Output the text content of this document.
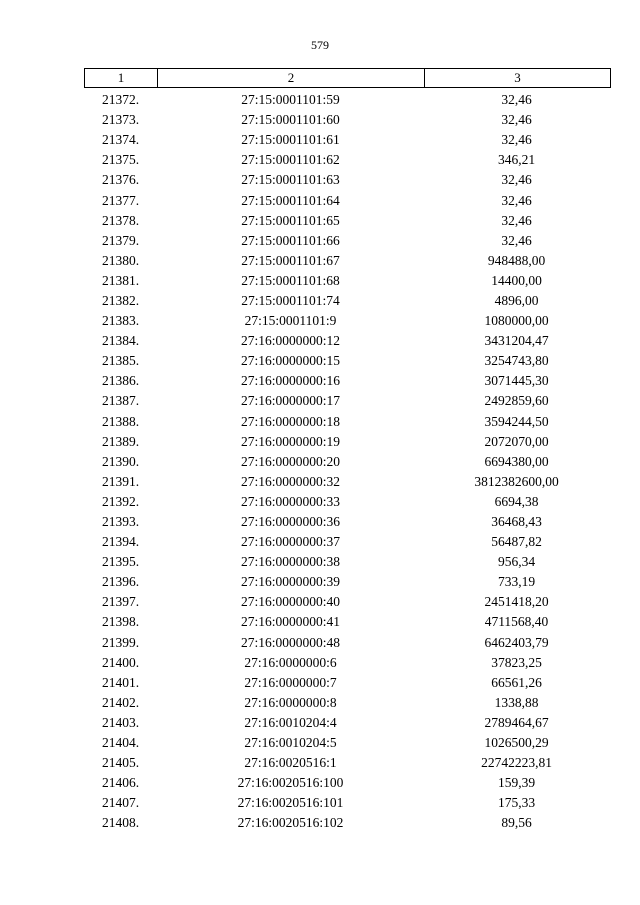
579
1	2	3
21372.	27:15:0001101:59	32,46
21373.	27:15:0001101:60	32,46
21374.	27:15:0001101:61	32,46
21375.	27:15:0001101:62	346,21
21376.	27:15:0001101:63	32,46
21377.	27:15:0001101:64	32,46
21378.	27:15:0001101:65	32,46
21379.	27:15:0001101:66	32,46
21380.	27:15:0001101:67	948488,00
21381.	27:15:0001101:68	14400,00
21382.	27:15:0001101:74	4896,00
21383.	27:15:0001101:9	1080000,00
21384.	27:16:0000000:12	3431204,47
21385.	27:16:0000000:15	3254743,80
21386.	27:16:0000000:16	3071445,30
21387.	27:16:0000000:17	2492859,60
21388.	27:16:0000000:18	3594244,50
21389.	27:16:0000000:19	2072070,00
21390.	27:16:0000000:20	6694380,00
21391.	27:16:0000000:32	3812382600,00
21392.	27:16:0000000:33	6694,38
21393.	27:16:0000000:36	36468,43
21394.	27:16:0000000:37	56487,82
21395.	27:16:0000000:38	956,34
21396.	27:16:0000000:39	733,19
21397.	27:16:0000000:40	2451418,20
21398.	27:16:0000000:41	4711568,40
21399.	27:16:0000000:48	6462403,79
21400.	27:16:0000000:6	37823,25
21401.	27:16:0000000:7	66561,26
21402.	27:16:0000000:8	1338,88
21403.	27:16:0010204:4	2789464,67
21404.	27:16:0010204:5	1026500,29
21405.	27:16:0020516:1	22742223,81
21406.	27:16:0020516:100	159,39
21407.	27:16:0020516:101	175,33
21408.	27:16:0020516:102	89,56
